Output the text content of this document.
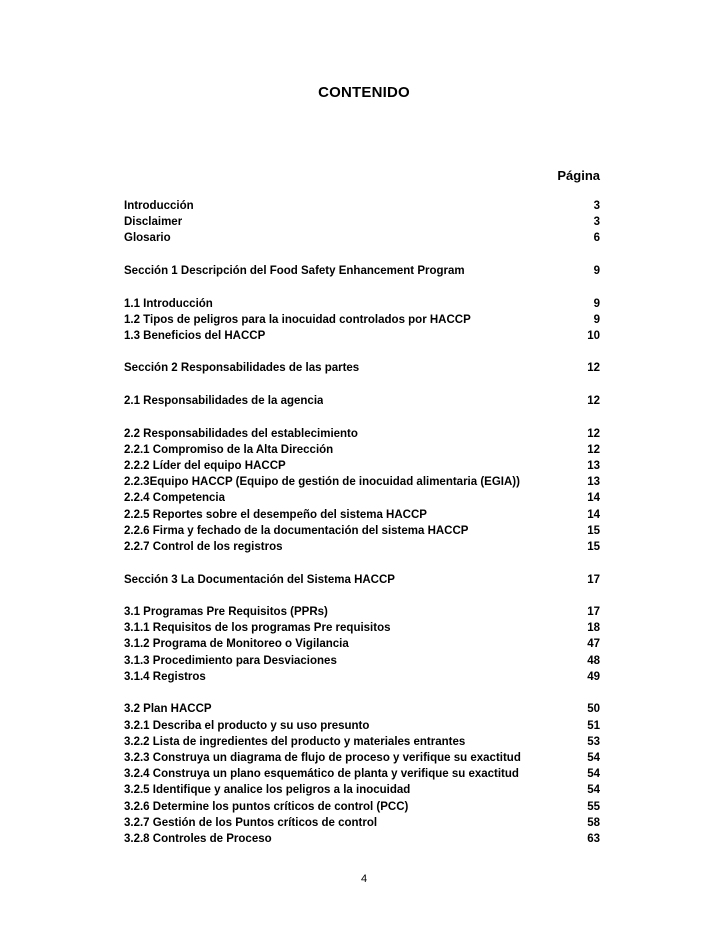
CONTENIDO
Página
Introducción	3
Disclaimer	3
Glosario	6
Sección 1 Descripción del Food Safety Enhancement Program	9
1.1 Introducción	9
1.2 Tipos de peligros para la inocuidad controlados por HACCP	9
1.3 Beneficios del HACCP	10
Sección 2 Responsabilidades de las partes	12
2.1 Responsabilidades de la agencia	12
2.2 Responsabilidades del establecimiento	12
2.2.1 Compromiso de la Alta Dirección	12
2.2.2 Líder del equipo HACCP	13
2.2.3Equipo HACCP (Equipo de gestión de inocuidad alimentaria (EGIA))	13
2.2.4 Competencia	14
2.2.5 Reportes sobre el desempeño del sistema HACCP	14
2.2.6 Firma y fechado de la documentación del sistema HACCP	15
2.2.7 Control de los registros	15
Sección 3 La Documentación del Sistema HACCP	17
3.1 Programas Pre Requisitos (PPRs)	17
3.1.1 Requisitos de los programas Pre requisitos	18
3.1.2 Programa de Monitoreo o Vigilancia	47
3.1.3 Procedimiento para Desviaciones	48
3.1.4 Registros	49
3.2 Plan HACCP	50
3.2.1 Describa el producto y su uso presunto	51
3.2.2 Lista de ingredientes del producto y materiales entrantes	53
3.2.3 Construya un diagrama de flujo de proceso y verifique su exactitud	54
3.2.4 Construya un plano esquemático de planta y verifique su exactitud	54
3.2.5 Identifique y analice los peligros a la inocuidad	54
3.2.6 Determine los puntos críticos de control (PCC)	55
3.2.7 Gestión de los Puntos críticos de control	58
3.2.8 Controles de Proceso	63
4
